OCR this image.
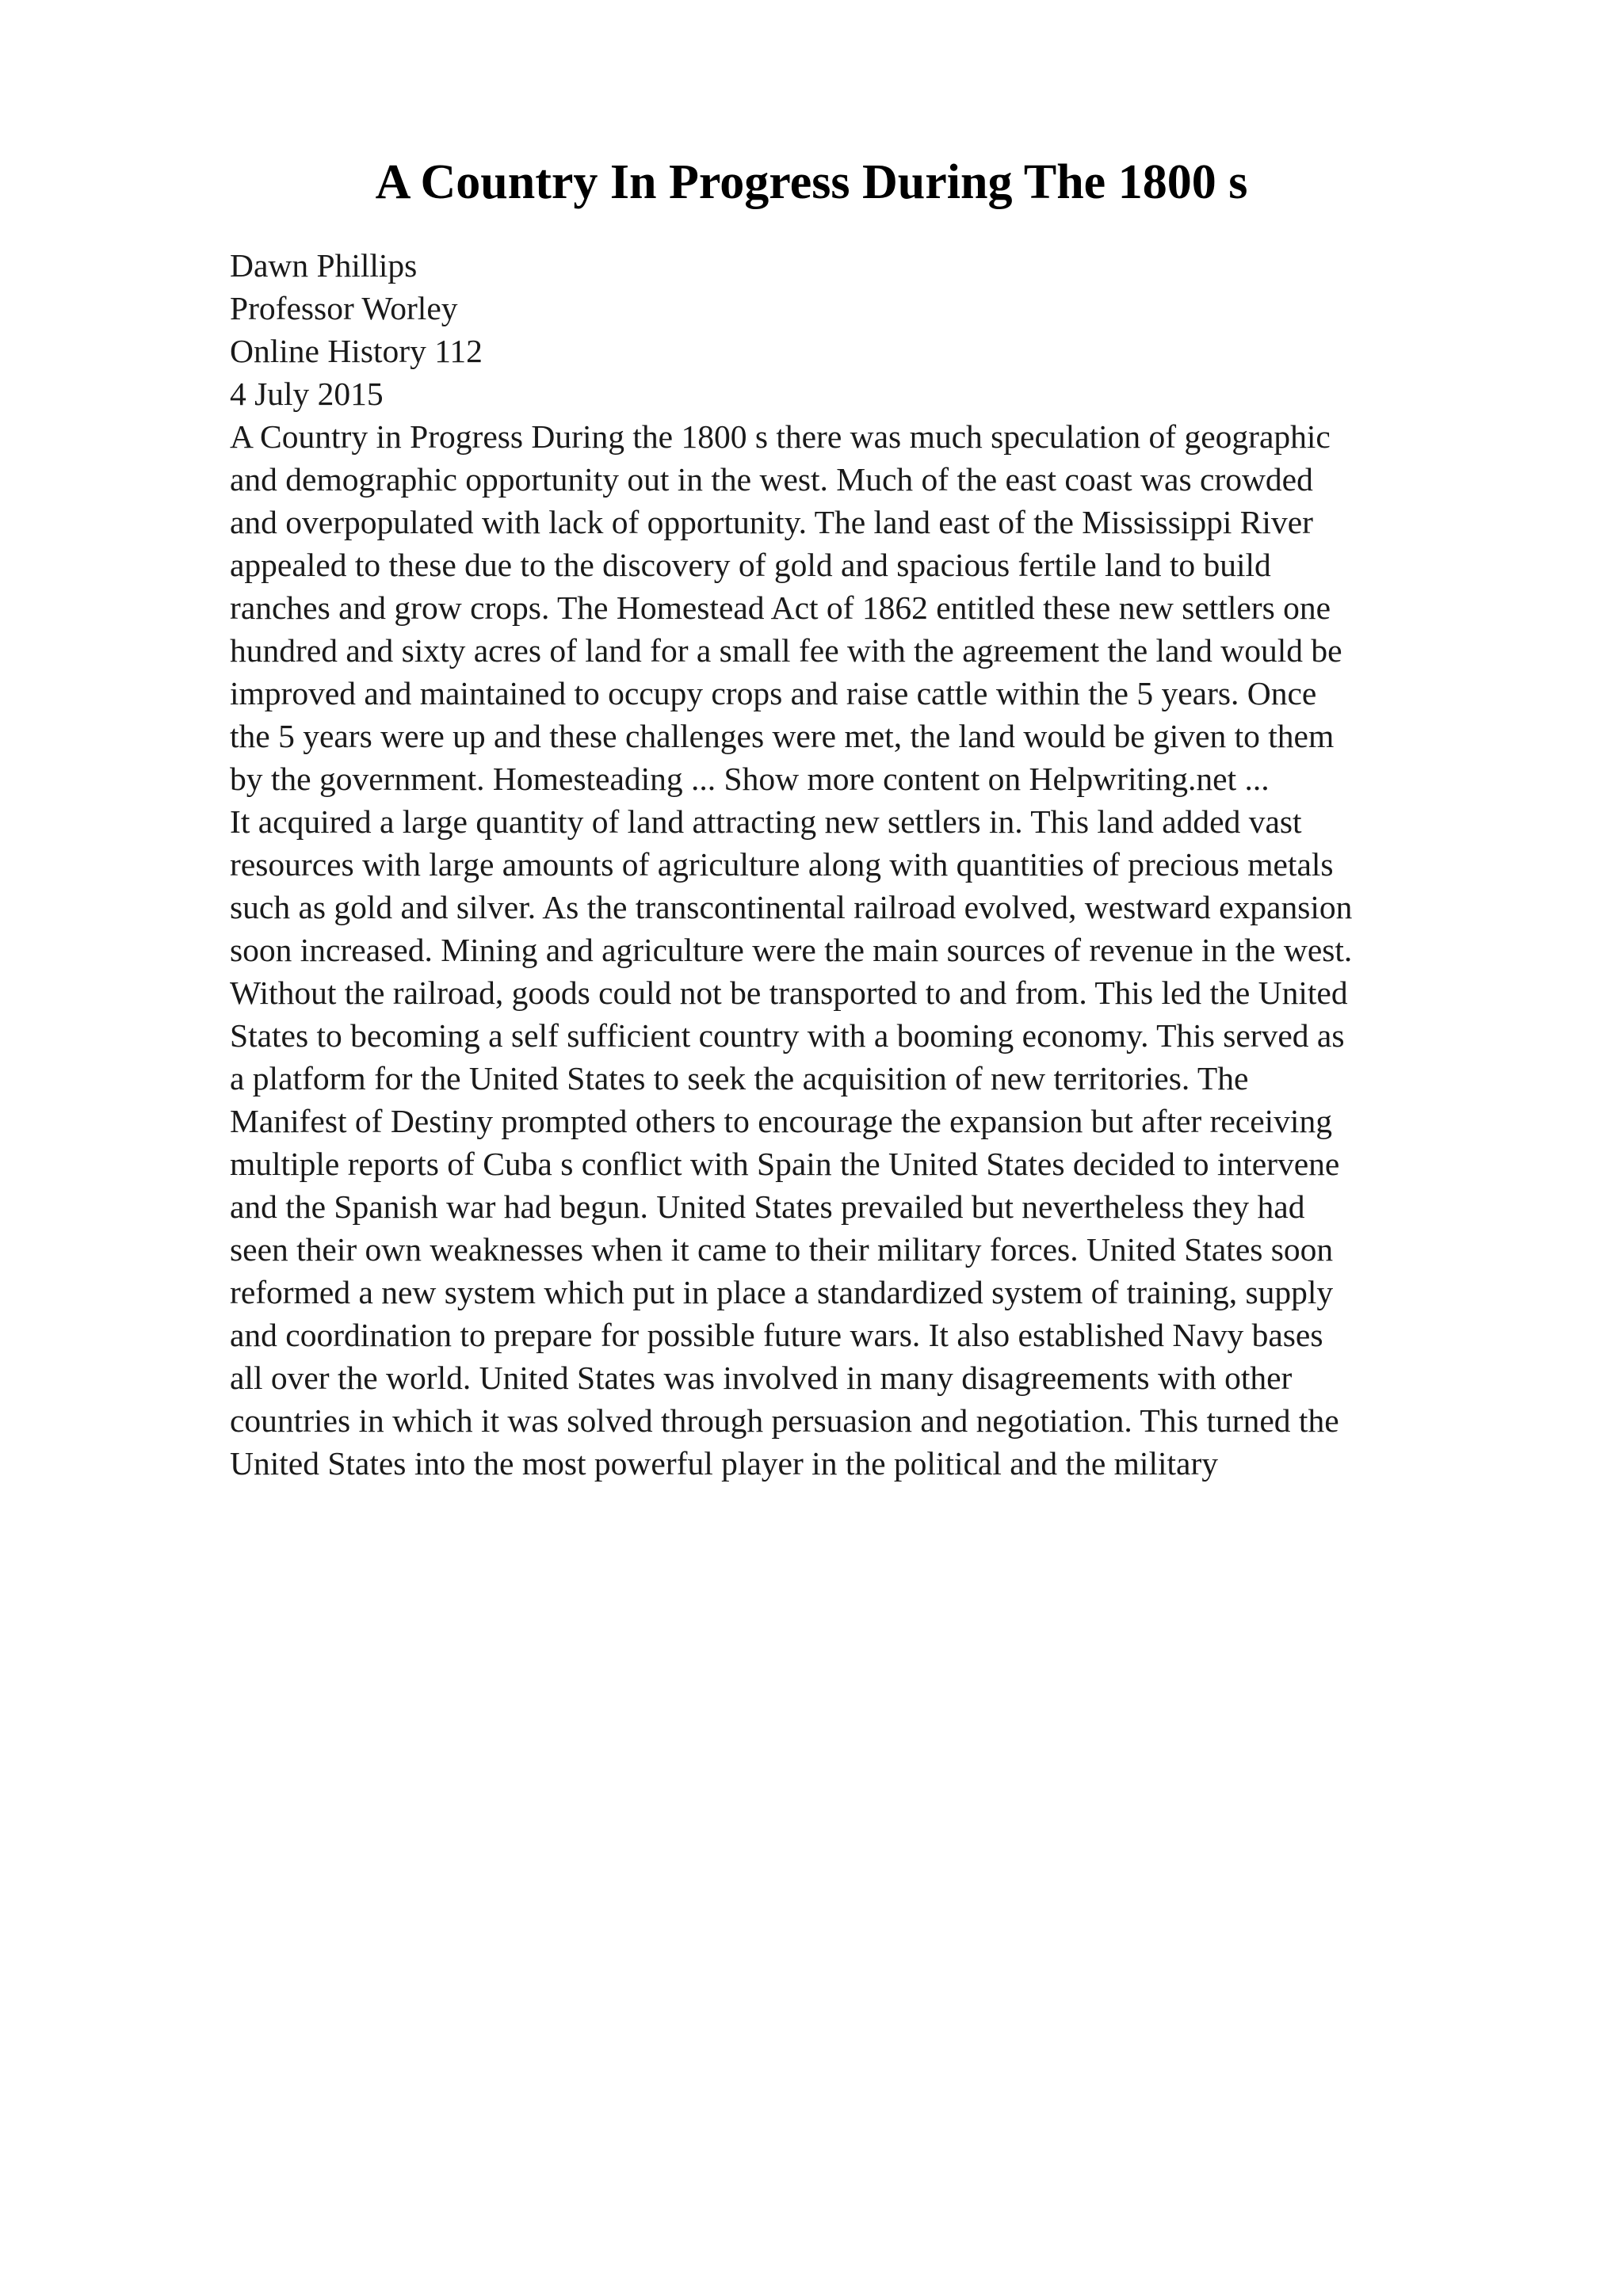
A Country In Progress During The 1800 s
Dawn Phillips
Professor Worley
Online History 112
4 July 2015
A Country in Progress During the 1800 s there was much speculation of geographic
and demographic opportunity out in the west. Much of the east coast was crowded
and overpopulated with lack of opportunity. The land east of the Mississippi River
appealed to these due to the discovery of gold and spacious fertile land to build
ranches and grow crops. The Homestead Act of 1862 entitled these new settlers one
hundred and sixty acres of land for a small fee with the agreement the land would be
improved and maintained to occupy crops and raise cattle within the 5 years. Once
the 5 years were up and these challenges were met, the land would be given to them
by the government. Homesteading ... Show more content on Helpwriting.net ...
It acquired a large quantity of land attracting new settlers in. This land added vast
resources with large amounts of agriculture along with quantities of precious metals
such as gold and silver. As the transcontinental railroad evolved, westward expansion
soon increased. Mining and agriculture were the main sources of revenue in the west.
Without the railroad, goods could not be transported to and from. This led the United
States to becoming a self sufficient country with a booming economy. This served as
a platform for the United States to seek the acquisition of new territories. The
Manifest of Destiny prompted others to encourage the expansion but after receiving
multiple reports of Cuba s conflict with Spain the United States decided to intervene
and the Spanish war had begun. United States prevailed but nevertheless they had
seen their own weaknesses when it came to their military forces. United States soon
reformed a new system which put in place a standardized system of training, supply
and coordination to prepare for possible future wars. It also established Navy bases
all over the world. United States was involved in many disagreements with other
countries in which it was solved through persuasion and negotiation. This turned the
United States into the most powerful player in the political and the military
